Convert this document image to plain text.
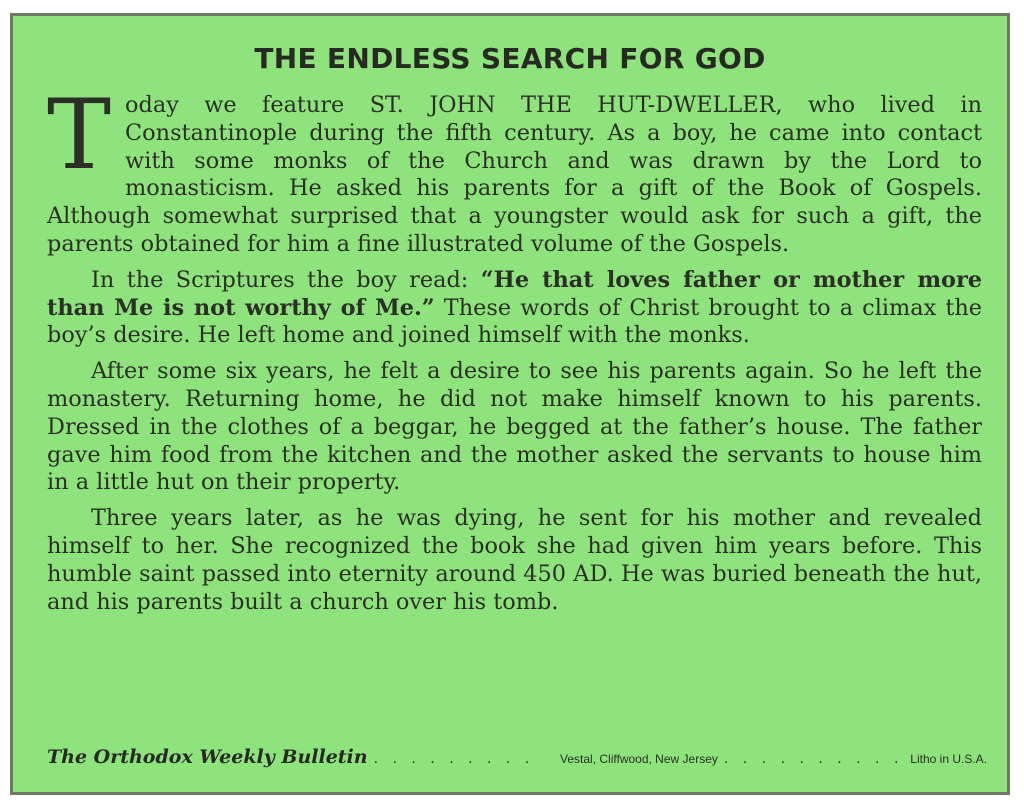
THE ENDLESS SEARCH FOR GOD

Today we feature ST. JOHN THE HUT-DWELLER, who lived in Constantinople during the fifth century. As a boy, he came into contact with some monks of the Church and was drawn by the Lord to monasticism. He asked his parents for a gift of the Book of Gospels. Although somewhat surprised that a youngster would ask for such a gift, the parents obtained for him a fine illustrated volume of the Gospels.

In the Scriptures the boy read: “He that loves father or mother more than Me is not worthy of Me.” These words of Christ brought to a climax the boy’s desire. He left home and joined himself with the monks.

After some six years, he felt a desire to see his parents again. So he left the monastery. Returning home, he did not make himself known to his parents. Dressed in the clothes of a beggar, he begged at the father’s house. The father gave him food from the kitchen and the mother asked the servants to house him in a little hut on their property.

Three years later, as he was dying, he sent for his mother and revealed himself to her. She recognized the book she had given him years before. This humble saint passed into eternity around 450 AD. He was buried beneath the hut, and his parents built a church over his tomb.

The Orthodox Weekly Bulletin . . . . . . . . .	Vestal, Cliffwood, New Jersey . . . . . . . . . . Litho in U.S.A.
